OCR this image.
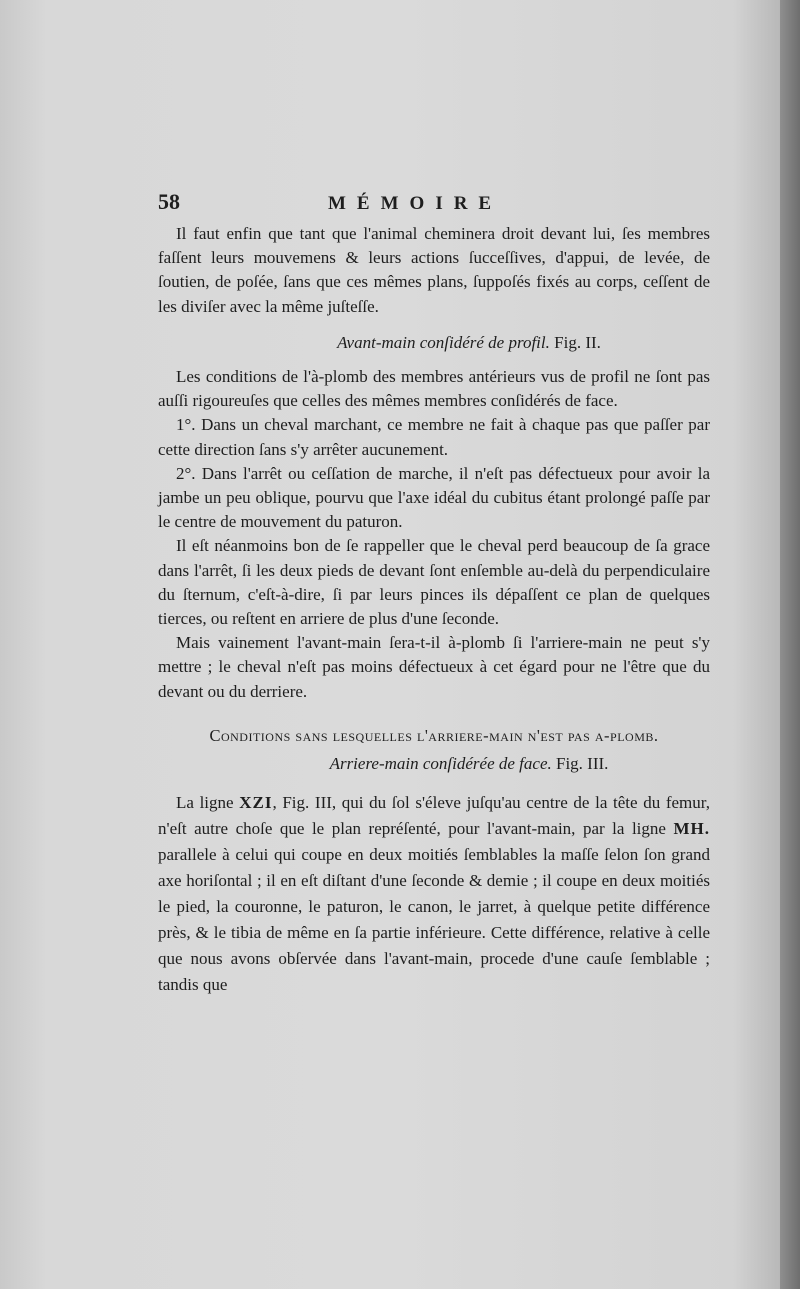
58	MÉMOIRE

Il faut enfin que tant que l'animal cheminera droit devant lui, ſes membres faſſent leurs mouvemens & leurs actions ſucceſſives, d'appui, de levée, de ſoutien, de poſée, ſans que ces mêmes plans, ſuppoſés fixés au corps, ceſſent de les diviſer avec la même juſteſſe.

Avant-main conſidéré de profil. Fig. II.

Les conditions de l'à-plomb des membres antérieurs vus de profil ne ſont pas auſſi rigoureuſes que celles des mêmes membres conſidérés de face.

1°. Dans un cheval marchant, ce membre ne fait à chaque pas que paſſer par cette direction ſans s'y arrêter aucunement.

2°. Dans l'arrêt ou ceſſation de marche, il n'eſt pas défectueux pour avoir la jambe un peu oblique, pourvu que l'axe idéal du cubitus étant prolongé paſſe par le centre de mouvement du paturon.

Il eſt néanmoins bon de ſe rappeller que le cheval perd beaucoup de ſa grace dans l'arrêt, ſi les deux pieds de devant ſont enſemble au-delà du perpendiculaire du ſternum, c'eſt-à-dire, ſi par leurs pinces ils dépaſſent ce plan de quelques tierces, ou reſtent en arriere de plus d'une ſeconde.

Mais vainement l'avant-main ſera-t-il à-plomb ſi l'arriere-main ne peut s'y mettre ; le cheval n'eſt pas moins défectueux à cet égard pour ne l'être que du devant ou du derriere.

Conditions sans lesquelles l'arriere-main n'est pas a-plomb.
Arriere-main conſidérée de face. Fig. III.

La ligne XZI, Fig. III, qui du ſol s'éleve juſqu'au centre de la tête du femur, n'eſt autre choſe que le plan repréſenté, pour l'avant-main, par la ligne MH. parallele à celui qui coupe en deux moitiés ſemblables la maſſe ſelon ſon grand axe horiſontal ; il en eſt diſtant d'une ſeconde & demie ; il coupe en deux moitiés le pied, la couronne, le paturon, le canon, le jarret, à quelque petite différence près, & le tibia de même en ſa partie inférieure. Cette différence, relative à celle que nous avons obſervée dans l'avant-main, procede d'une cauſe ſemblable ; tandis que
